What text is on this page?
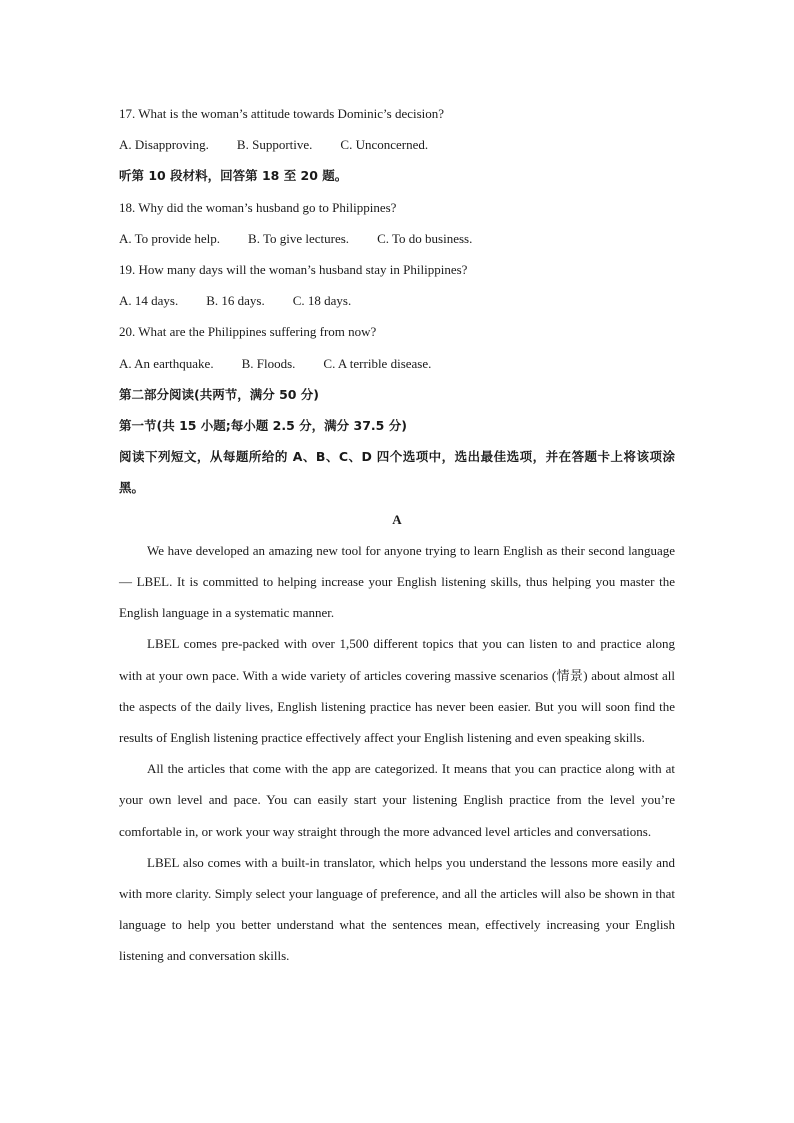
17. What is the woman’s attitude towards Dominic’s decision?

A. Disapproving. B. Supportive. C. Unconcerned.

听第 10 段材料，回答第 18 至 20 题。

18. Why did the woman’s husband go to Philippines?

A. To provide help. B. To give lectures. C. To do business.

19. How many days will the woman’s husband stay in Philippines?

A. 14 days. B. 16 days. C. 18 days.

20. What are the Philippines suffering from now?

A. An earthquake. B. Floods. C. A terrible disease.

第二部分阅读(共两节，满分 50 分)

第一节(共 15 小题;每小题 2.5 分，满分 37.5 分)

阅读下列短文，从每题所给的 A、B、C、D 四个选项中，选出最佳选项，并在答题卡上将该项涂黑。

A

We have developed an amazing new tool for anyone trying to learn English as their second language — LBEL. It is committed to helping increase your English listening skills, thus helping you master the English language in a systematic manner.

LBEL comes pre-packed with over 1,500 different topics that you can listen to and practice along with at your own pace. With a wide variety of articles covering massive scenarios (情景) about almost all the aspects of the daily lives, English listening practice has never been easier. But you will soon find the results of English listening practice effectively affect your English listening and even speaking skills.

All the articles that come with the app are categorized. It means that you can practice along with at your own level and pace. You can easily start your listening English practice from the level you’re comfortable in, or work your way straight through the more advanced level articles and conversations.

LBEL also comes with a built-in translator, which helps you understand the lessons more easily and with more clarity. Simply select your language of preference, and all the articles will also be shown in that language to help you better understand what the sentences mean, effectively increasing your English listening and conversation skills.
